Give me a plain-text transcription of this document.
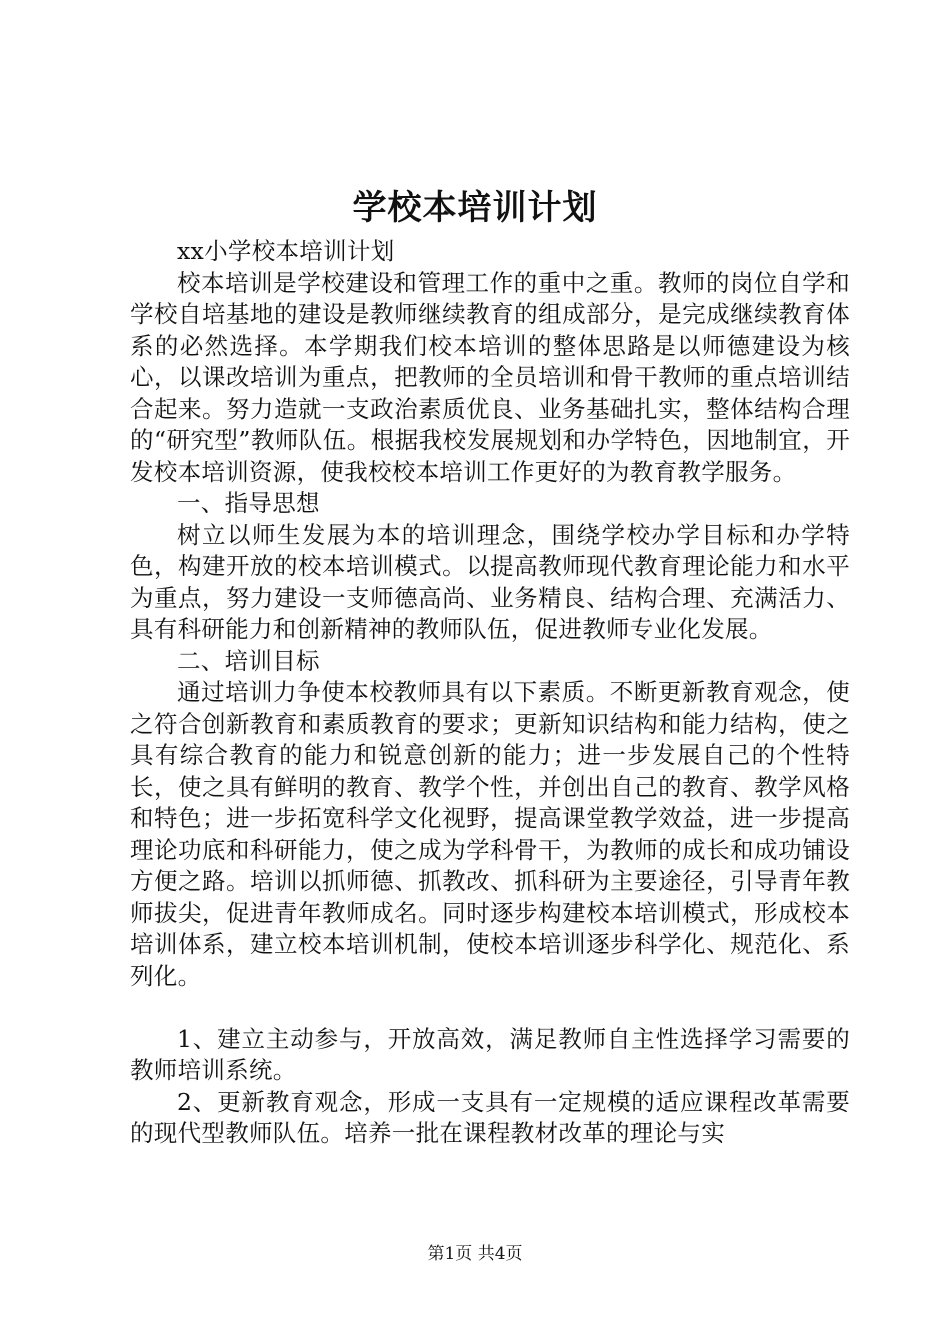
学校本培训计划

xx小学校本培训计划

校本培训是学校建设和管理工作的重中之重。教师的岗位自学和学校自培基地的建设是教师继续教育的组成部分，是完成继续教育体系的必然选择。本学期我们校本培训的整体思路是以师德建设为核心，以课改培训为重点，把教师的全员培训和骨干教师的重点培训结合起来。努力造就一支政治素质优良、业务基础扎实，整体结构合理的“研究型”教师队伍。根据我校发展规划和办学特色，因地制宜，开发校本培训资源，使我校校本培训工作更好的为教育教学服务。

一、指导思想

树立以师生发展为本的培训理念，围绕学校办学目标和办学特色，构建开放的校本培训模式。以提高教师现代教育理论能力和水平为重点，努力建设一支师德高尚、业务精良、结构合理、充满活力、具有科研能力和创新精神的教师队伍，促进教师专业化发展。

二、培训目标

通过培训力争使本校教师具有以下素质。不断更新教育观念，使之符合创新教育和素质教育的要求；更新知识结构和能力结构，使之具有综合教育的能力和锐意创新的能力；进一步发展自己的个性特长，使之具有鲜明的教育、教学个性，并创出自己的教育、教学风格和特色；进一步拓宽科学文化视野，提高课堂教学效益，进一步提高理论功底和科研能力，使之成为学科骨干，为教师的成长和成功铺设方便之路。培训以抓师德、抓教改、抓科研为主要途径，引导青年教师拔尖，促进青年教师成名。同时逐步构建校本培训模式，形成校本培训体系，建立校本培训机制，使校本培训逐步科学化、规范化、系列化。

1、建立主动参与，开放高效，满足教师自主性选择学习需要的教师培训系统。

2、更新教育观念，形成一支具有一定规模的适应课程改革需要的现代型教师队伍。培养一批在课程教材改革的理论与实

第1页 共4页
